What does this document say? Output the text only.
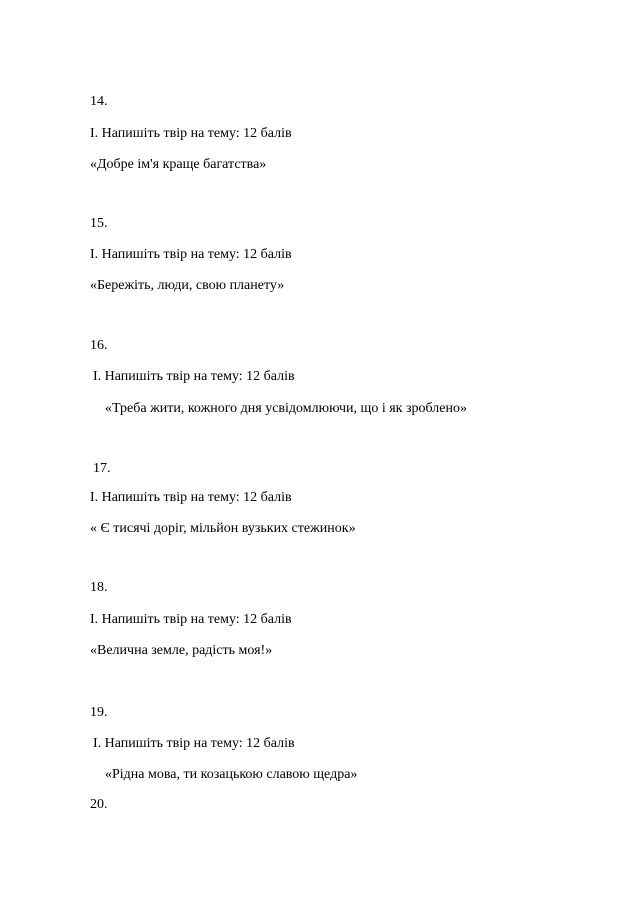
14.
I. Напишіть твір на тему: 12 балів
«Добре ім'я краще багатства»
15.
I. Напишіть твір на тему: 12 балів
«Бережіть, люди, свою планету»
16.
I. Напишіть твір на тему: 12 балів
«Треба жити, кожного дня усвідомлюючи, що і як зроблено»
17.
I. Напишіть твір на тему: 12 балів
« Є тисячі доріг, мільйон вузьких стежинок»
18.
I. Напишіть твір на тему: 12 балів
«Велична земле, радість моя!»
19.
I. Напишіть твір на тему: 12 балів
«Рідна мова, ти козацькою славою щедра»
20.
